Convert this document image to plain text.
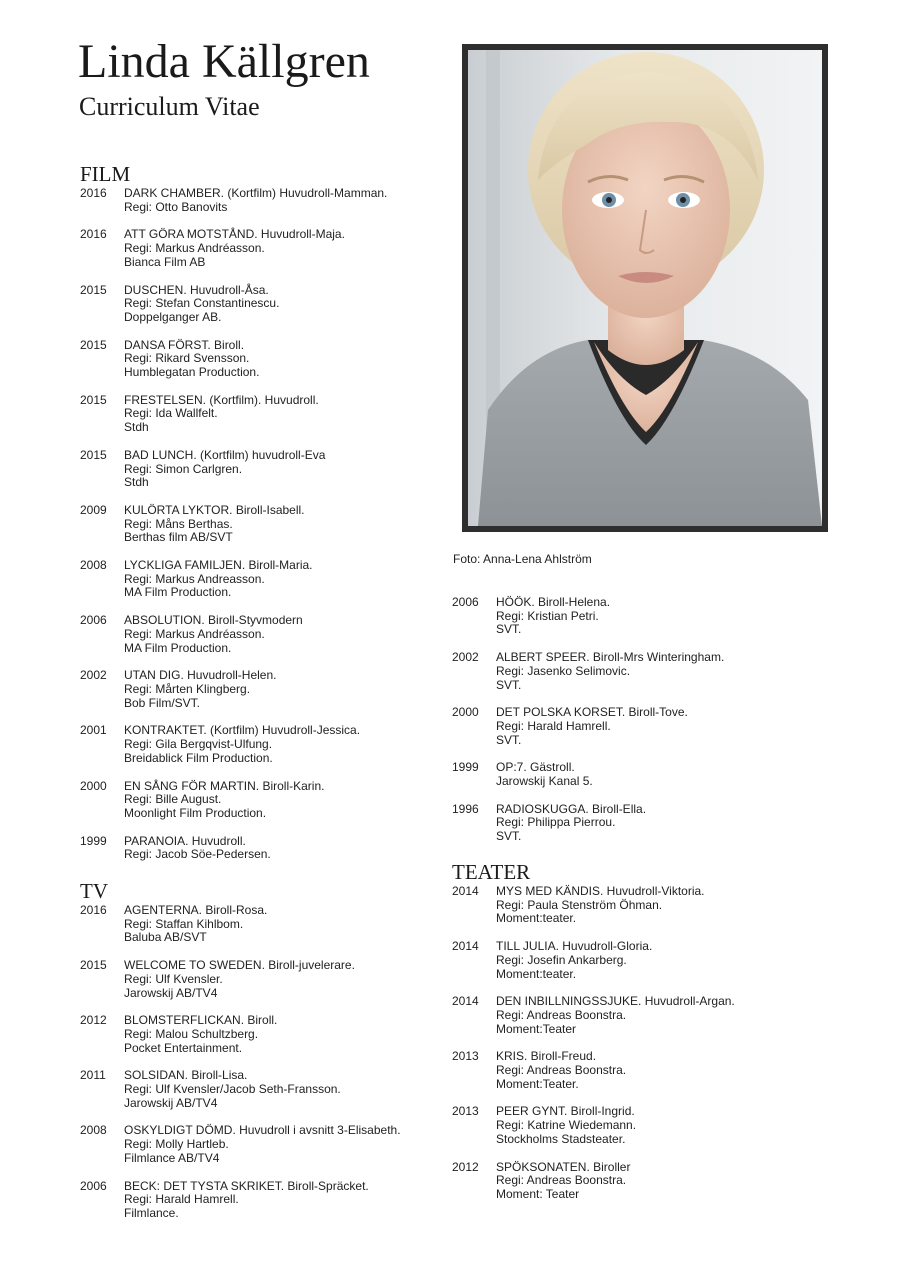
Linda Källgren
Curriculum Vitae
FILM
2016	DARK CHAMBER. (Kortfilm) Huvudroll-Mamman.
Regi: Otto Banovits
2016	ATT GÖRA MOTSTÅND. Huvudroll-Maja.
Regi: Markus Andréasson.
Bianca Film AB
2015	DUSCHEN. Huvudroll-Åsa.
Regi: Stefan Constantinescu.
Doppelganger AB.
2015	DANSA FÖRST. Biroll.
Regi: Rikard Svensson.
Humblegatan Production.
2015	FRESTELSEN. (Kortfilm). Huvudroll.
Regi: Ida Wallfelt.
Stdh
2015	BAD LUNCH. (Kortfilm) huvudroll-Eva
Regi: Simon Carlgren.
Stdh
2009	KULÖRTA LYKTOR. Biroll-Isabell.
Regi: Måns Berthas.
Berthas film AB/SVT
2008	LYCKLIGA FAMILJEN. Biroll-Maria.
Regi: Markus Andreasson.
MA Film Production.
2006	ABSOLUTION. Biroll-Styvmodern
Regi: Markus Andréasson.
MA Film Production.
2002	UTAN DIG. Huvudroll-Helen.
Regi: Mårten Klingberg.
Bob Film/SVT.
2001	KONTRAKTET. (Kortfilm) Huvudroll-Jessica.
Regi: Gila Bergqvist-Ulfung.
Breidablick Film Production.
2000	EN SÅNG FÖR MARTIN. Biroll-Karin.
Regi: Bille August.
Moonlight Film Production.
1999	PARANOIA. Huvudroll.
Regi: Jacob Söe-Pedersen.
TV
2016	AGENTERNA. Biroll-Rosa.
Regi: Staffan Kihlbom.
Baluba AB/SVT
2015	WELCOME TO SWEDEN. Biroll-juvelerare.
Regi: Ulf Kvensler.
Jarowskij AB/TV4
2012	BLOMSTERFLICKAN. Biroll.
Regi: Malou Schultzberg.
Pocket Entertainment.
2011	SOLSIDAN. Biroll-Lisa.
Regi: Ulf Kvensler/Jacob Seth-Fransson.
Jarowskij AB/TV4
2008	OSKYLDIGT DÖMD. Huvudroll i avsnitt 3-Elisabeth.
Regi: Molly Hartleb.
Filmlance AB/TV4
2006	BECK: DET TYSTA SKRIKET. Biroll-Spräcket.
Regi: Harald Hamrell.
Filmlance.
Foto: Anna-Lena Ahlström
2006	HÖÖK. Biroll-Helena.
Regi: Kristian Petri.
SVT.
2002	ALBERT SPEER. Biroll-Mrs Winteringham.
Regi: Jasenko Selimovic.
SVT.
2000	DET POLSKA KORSET. Biroll-Tove.
Regi: Harald Hamrell.
SVT.
1999	OP:7. Gästroll.
Jarowskij Kanal 5.
1996	RADIOSKUGGA. Biroll-Ella.
Regi: Philippa Pierrou.
SVT.
TEATER
2014	MYS MED KÄNDIS. Huvudroll-Viktoria.
Regi: Paula Stenström Öhman.
Moment:teater.
2014	TILL JULIA. Huvudroll-Gloria.
Regi: Josefin Ankarberg.
Moment:teater.
2014	DEN INBILLNINGSSJUKE. Huvudroll-Argan.
Regi: Andreas Boonstra.
Moment:Teater
2013	KRIS. Biroll-Freud.
Regi: Andreas Boonstra.
Moment:Teater.
2013	PEER GYNT. Biroll-Ingrid.
Regi: Katrine Wiedemann.
Stockholms Stadsteater.
2012	SPÖKSONATEN. Biroller
Regi: Andreas Boonstra.
Moment: Teater
